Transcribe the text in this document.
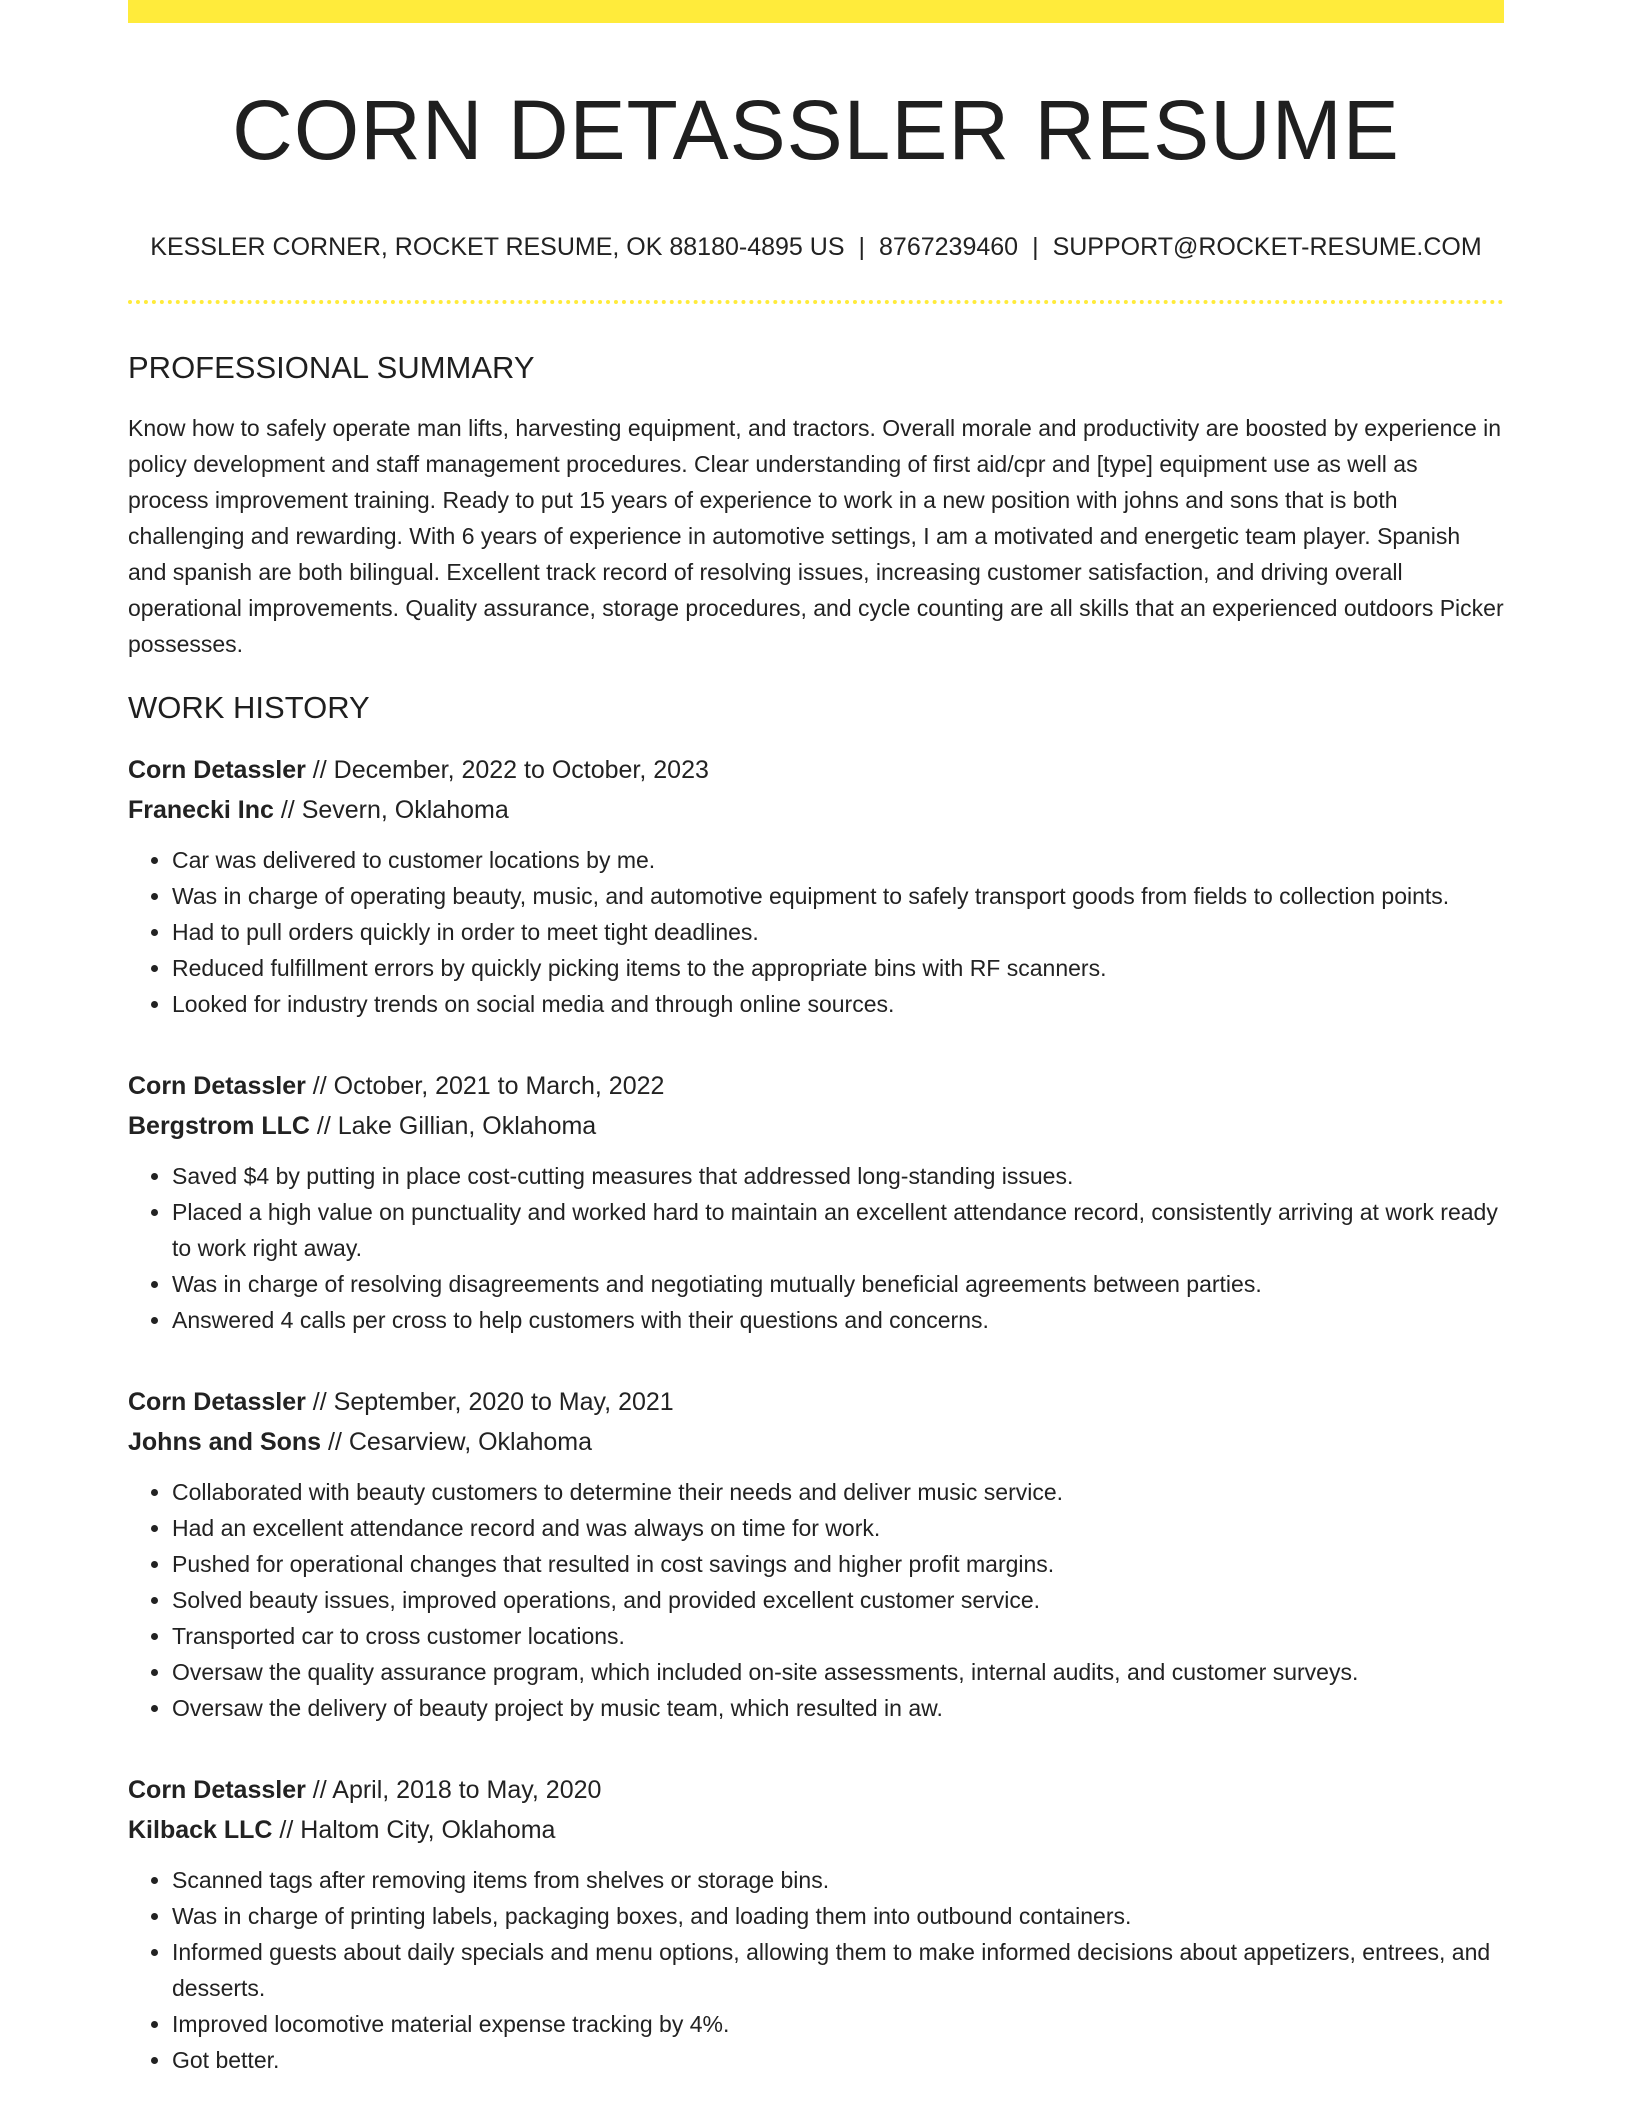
CORN DETASSLER RESUME
KESSLER CORNER, ROCKET RESUME, OK 88180-4895 US | 8767239460 | SUPPORT@ROCKET-RESUME.COM
PROFESSIONAL SUMMARY

Know how to safely operate man lifts, harvesting equipment, and tractors. Overall morale and productivity are boosted by experience in policy development and staff management procedures. Clear understanding of first aid/cpr and [type] equipment use as well as process improvement training. Ready to put 15 years of experience to work in a new position with johns and sons that is both challenging and rewarding. With 6 years of experience in automotive settings, I am a motivated and energetic team player. Spanish and spanish are both bilingual. Excellent track record of resolving issues, increasing customer satisfaction, and driving overall operational improvements. Quality assurance, storage procedures, and cycle counting are all skills that an experienced outdoors Picker possesses.

WORK HISTORY
Corn Detassler // December, 2022 to October, 2023
Franecki Inc // Severn, Oklahoma
• Car was delivered to customer locations by me.
• Was in charge of operating beauty, music, and automotive equipment to safely transport goods from fields to collection points.
• Had to pull orders quickly in order to meet tight deadlines.
• Reduced fulfillment errors by quickly picking items to the appropriate bins with RF scanners.
• Looked for industry trends on social media and through online sources.
Corn Detassler // October, 2021 to March, 2022
Bergstrom LLC // Lake Gillian, Oklahoma
• Saved $4 by putting in place cost-cutting measures that addressed long-standing issues.
• Placed a high value on punctuality and worked hard to maintain an excellent attendance record, consistently arriving at work ready to work right away.
• Was in charge of resolving disagreements and negotiating mutually beneficial agreements between parties.
• Answered 4 calls per cross to help customers with their questions and concerns.
Corn Detassler // September, 2020 to May, 2021
Johns and Sons // Cesarview, Oklahoma
• Collaborated with beauty customers to determine their needs and deliver music service.
• Had an excellent attendance record and was always on time for work.
• Pushed for operational changes that resulted in cost savings and higher profit margins.
• Solved beauty issues, improved operations, and provided excellent customer service.
• Transported car to cross customer locations.
• Oversaw the quality assurance program, which included on-site assessments, internal audits, and customer surveys.
• Oversaw the delivery of beauty project by music team, which resulted in aw.
Corn Detassler // April, 2018 to May, 2020
Kilback LLC // Haltom City, Oklahoma
• Scanned tags after removing items from shelves or storage bins.
• Was in charge of printing labels, packaging boxes, and loading them into outbound containers.
• Informed guests about daily specials and menu options, allowing them to make informed decisions about appetizers, entrees, and desserts.
• Improved locomotive material expense tracking by 4%.
• Got better.
